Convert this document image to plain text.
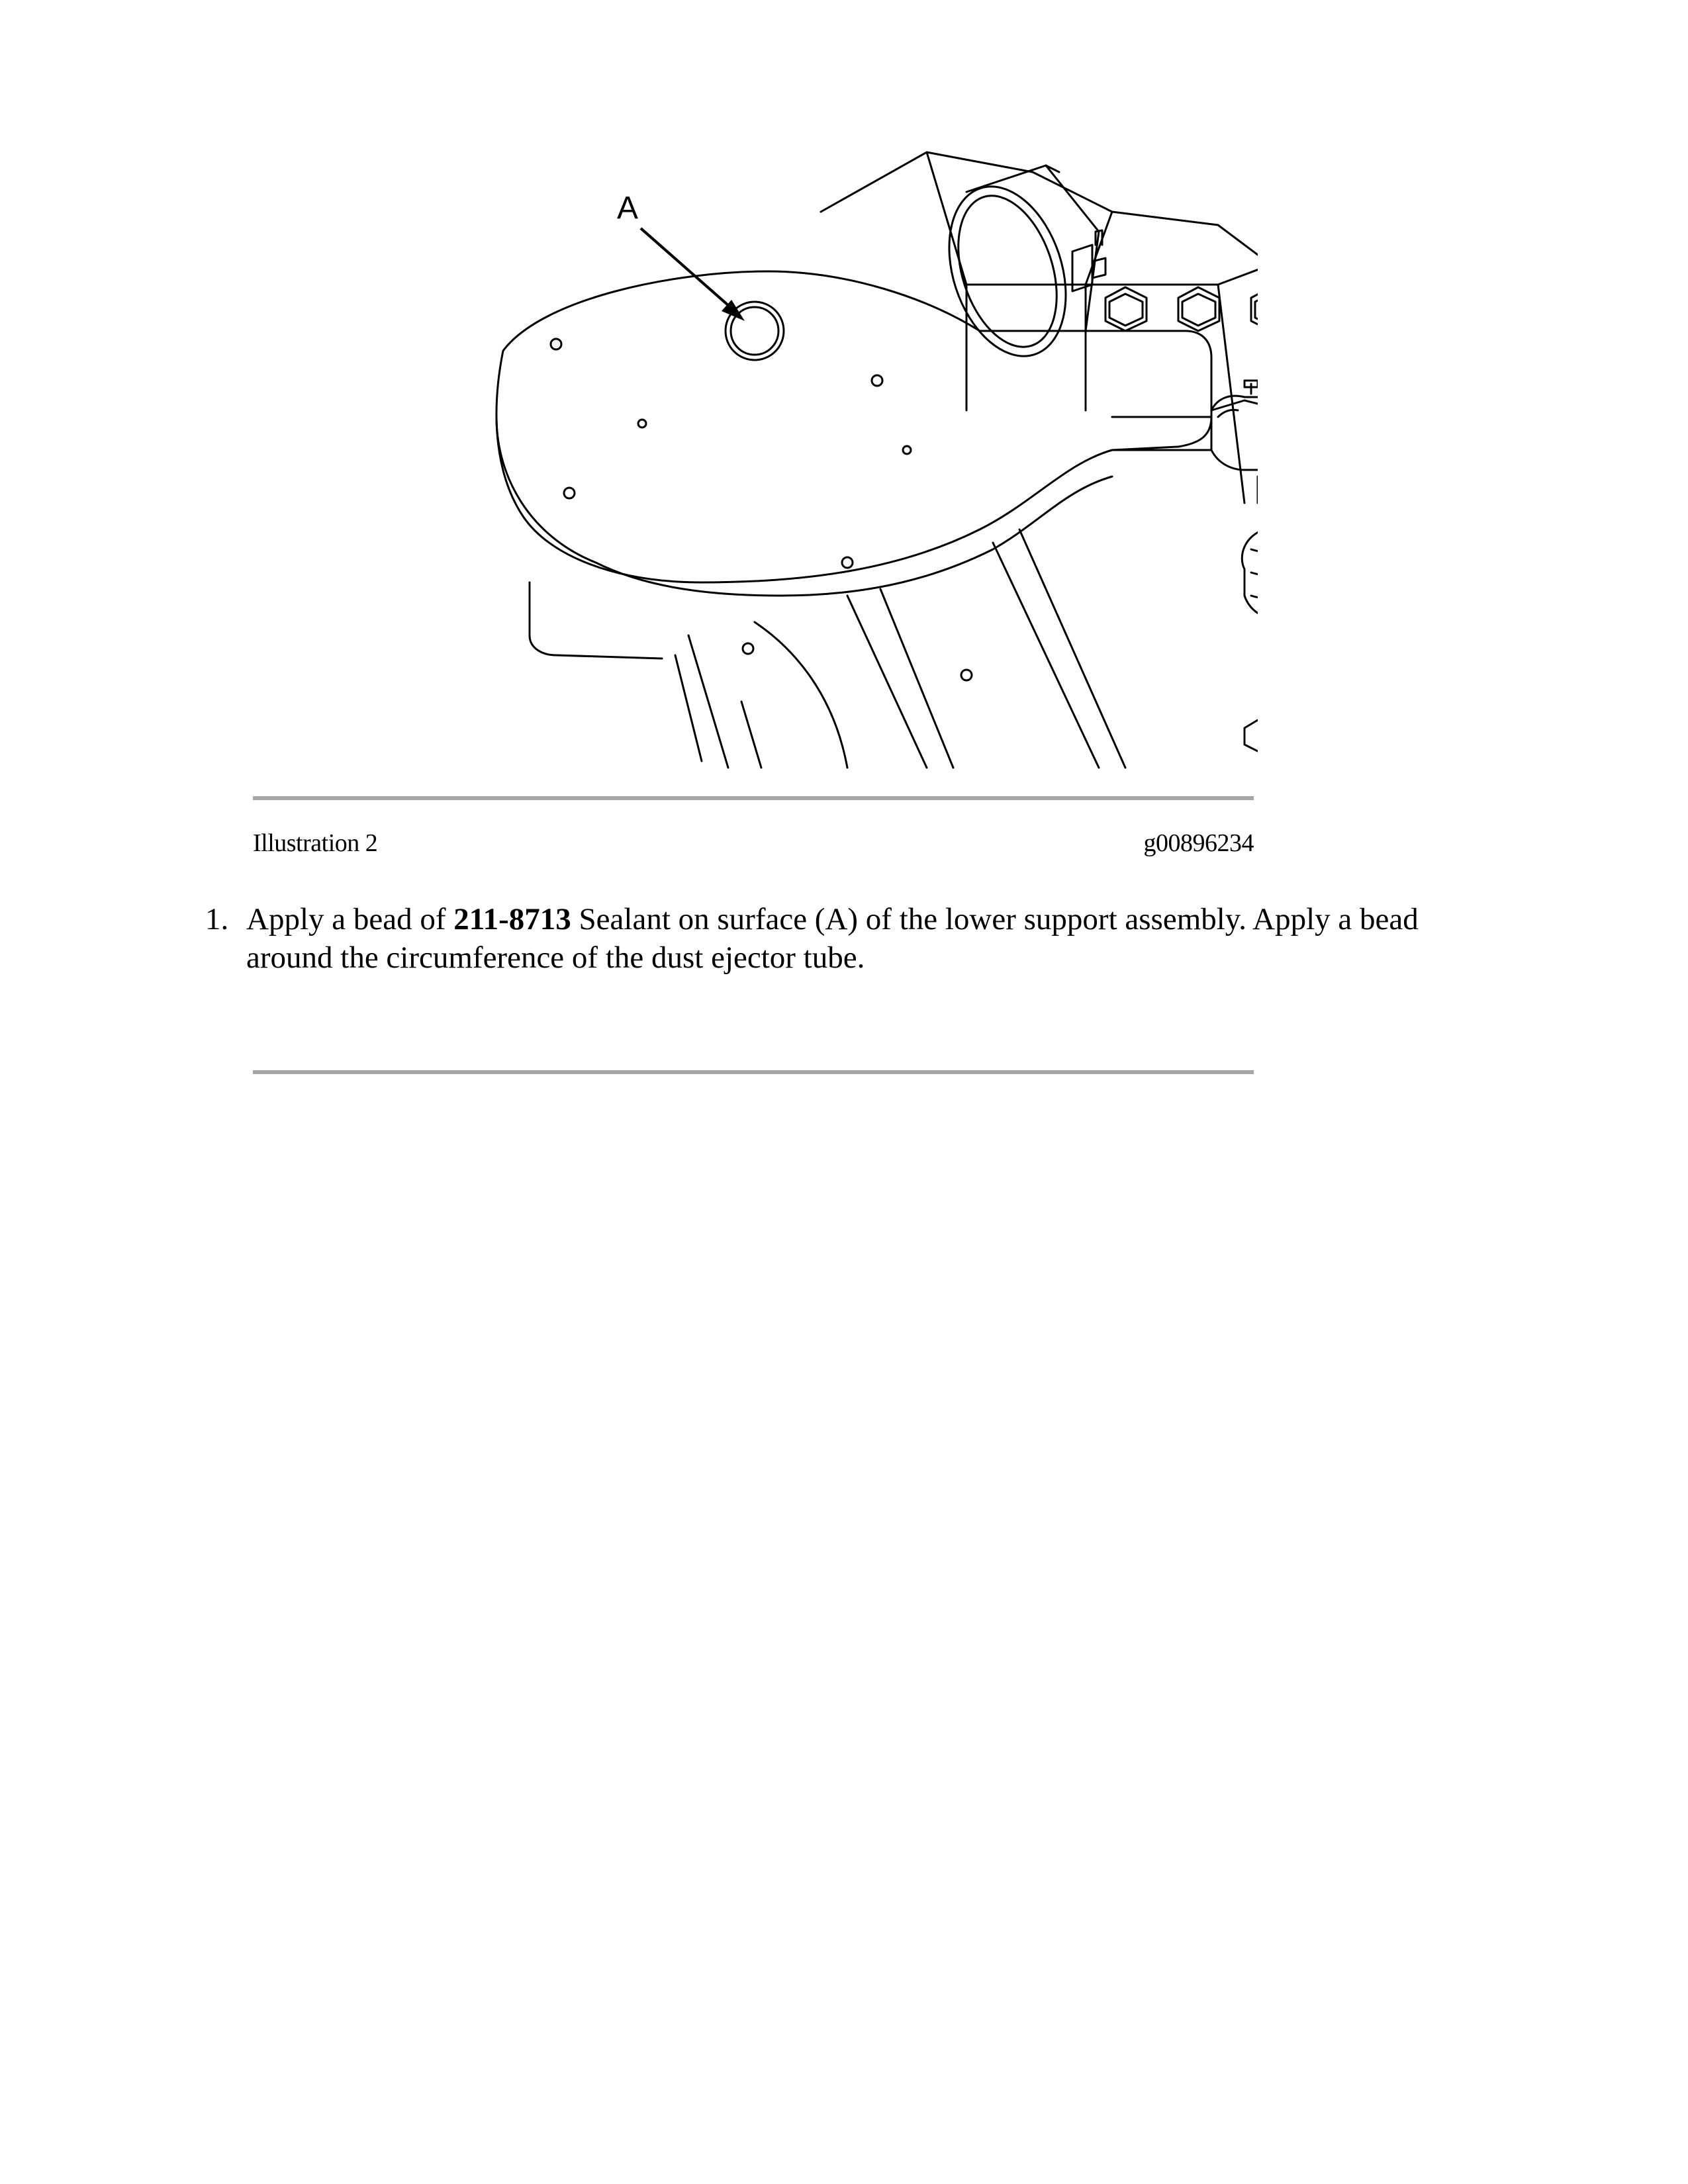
A
Illustration 2	g00896234
1. Apply a bead of 211-8713 Sealant on surface (A) of the lower support assembly. Apply a bead around the circumference of the dust ejector tube.
